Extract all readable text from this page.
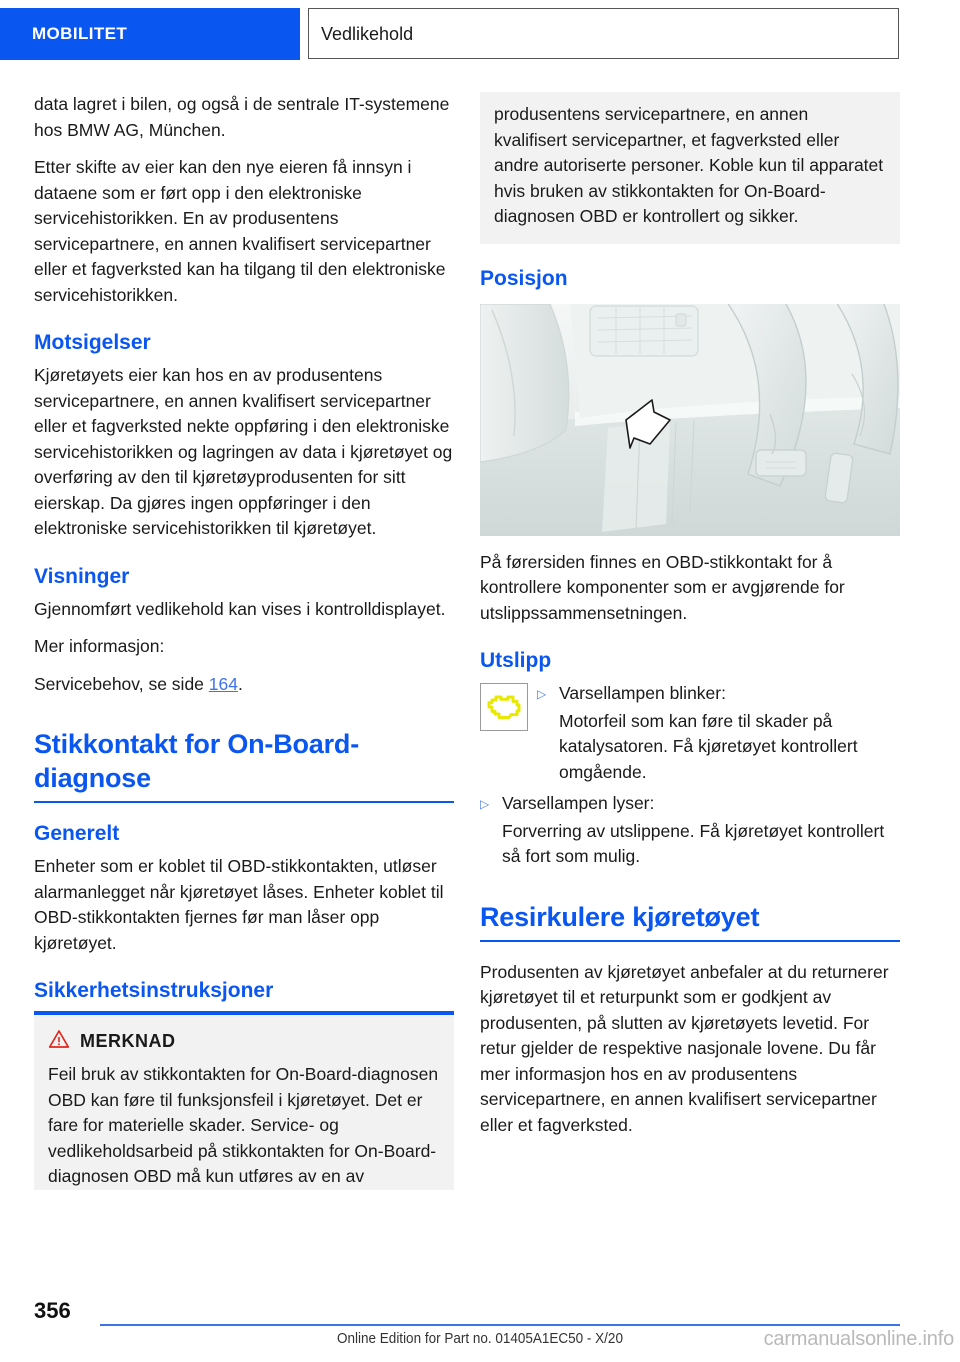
MOBILITET	Vedlikehold

data lagret i bilen, og også i de sentrale IT-systemene hos BMW AG, München.

Etter skifte av eier kan den nye eieren få innsyn i dataene som er ført opp i den elektroniske servicehistorikken. En av produsentens servicepartnere, en annen kvalifisert servicepartner eller et fagverksted kan ha tilgang til den elektroniske servicehistorikken.

Motsigelser

Kjøretøyets eier kan hos en av produsentens servicepartnere, en annen kvalifisert servicepartner eller et fagverksted nekte oppføring i den elektroniske servicehistorikken og lagringen av data i kjøretøyet og overføring av den til kjøretøyprodusenten for sitt eierskap. Da gjøres ingen oppføringer i den elektroniske servicehistorikken til kjøretøyet.

Visninger

Gjennomført vedlikehold kan vises i kontrolldisplayet.

Mer informasjon:

Servicebehov, se side 164.

Stikkontakt for On-Board-diagnose
Generelt

Enheter som er koblet til OBD-stikkontakten, utløser alarmanlegget når kjøretøyet låses. Enheter koblet til OBD-stikkontakten fjernes før man låser opp kjøretøyet.

Sikkerhetsinstruksjoner
MERKNAD

Feil bruk av stikkontakten for On-Board-diagnosen OBD kan føre til funksjonsfeil i kjøretøyet. Det er fare for materielle skader. Service- og vedlikeholdsarbeid på stikkontakten for On-Board-diagnosen OBD må kun utføres av en av

produsentens servicepartnere, en annen kvalifisert servicepartner, et fagverksted eller andre autoriserte personer. Koble kun til apparatet hvis bruken av stikkontakten for On-Board-diagnosen OBD er kontrollert og sikker.

Posisjon

På førersiden finnes en OBD-stikkontakt for å kontrollere komponenter som er avgjørende for utslippssammensetningen.

Utslipp
▷ Varsellampen blinker:
Motorfeil som kan føre til skader på katalysatoren. Få kjøretøyet kontrollert omgående.
▷ Varsellampen lyser:
Forverring av utslippene. Få kjøretøyet kontrollert så fort som mulig.
Resirkulere kjøretøyet

Produsenten av kjøretøyet anbefaler at du returnerer kjøretøyet til et returpunkt som er godkjent av produsenten, på slutten av kjøretøyets levetid. For retur gjelder de respektive nasjonale lovene. Du får mer informasjon hos en av produsentens servicepartnere, en annen kvalifisert servicepartner eller et fagverksted.

356
Online Edition for Part no. 01405A1EC50 - X/20	carmanualsonline.info
